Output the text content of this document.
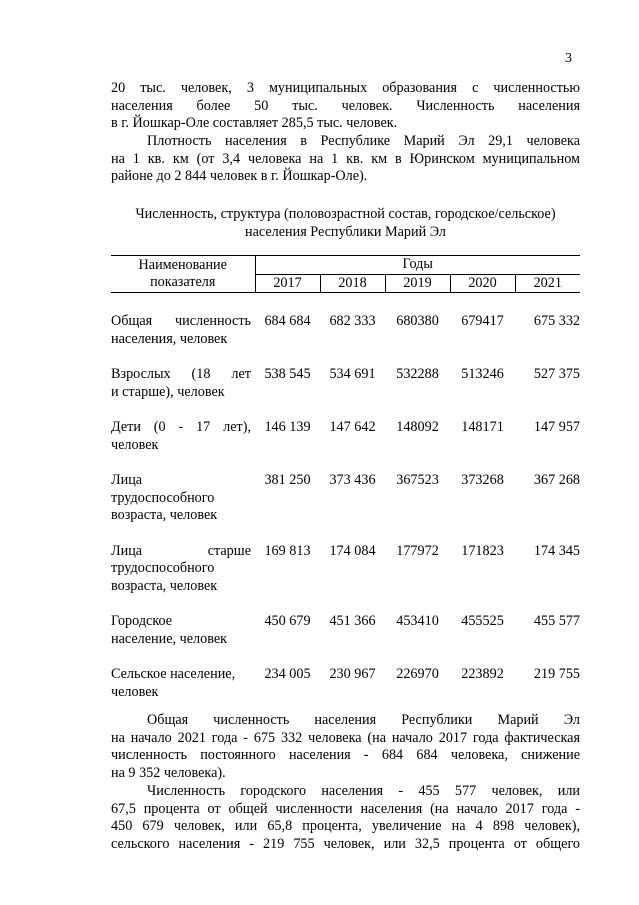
3
20 тыс. человек, 3 муниципальных образования с численностью
населения более 50 тыс. человек. Численность населения
в г. Йошкар-Оле составляет 285,5 тыс. человек.
Плотность населения в Республике Марий Эл 29,1 человека
на 1 кв. км (от 3,4 человека на 1 кв. км в Юринском муниципальном
районе до 2 844 человек в г. Йошкар-Оле).
Численность, структура (половозрастной состав, городское/сельское)
населения Республики Марий Эл
Наименование
показателя	Годы				
	2017	2018	2019	2020	2021

Общая численность
населения, человек	684 684	682 333	680380	679417	675 332

Взрослых (18 лет
и старше), человек	538 545	534 691	532288	513246	527 375

Дети (0 - 17 лет),
человек	146 139	147 642	148092	148171	147 957

Лица
трудоспособного
возраста, человек	381 250	373 436	367523	373268	367 268

Лица старше
трудоспособного
возраста, человек	169 813	174 084	177972	171823	174 345

Городское
население, человек	450 679	451 366	453410	455525	455 577

Сельское население,
человек	234 005	230 967	226970	223892	219 755
Общая численность населения Республики Марий Эл
на начало 2021 года - 675 332 человека (на начало 2017 года фактическая
численность постоянного населения - 684 684 человека, снижение
на 9 352 человека).
Численность городского населения - 455 577 человек, или
67,5 процента от общей численности населения (на начало 2017 года -
450 679 человек, или 65,8 процента, увеличение на 4 898 человек),
сельского населения - 219 755 человек, или 32,5 процента от общего
